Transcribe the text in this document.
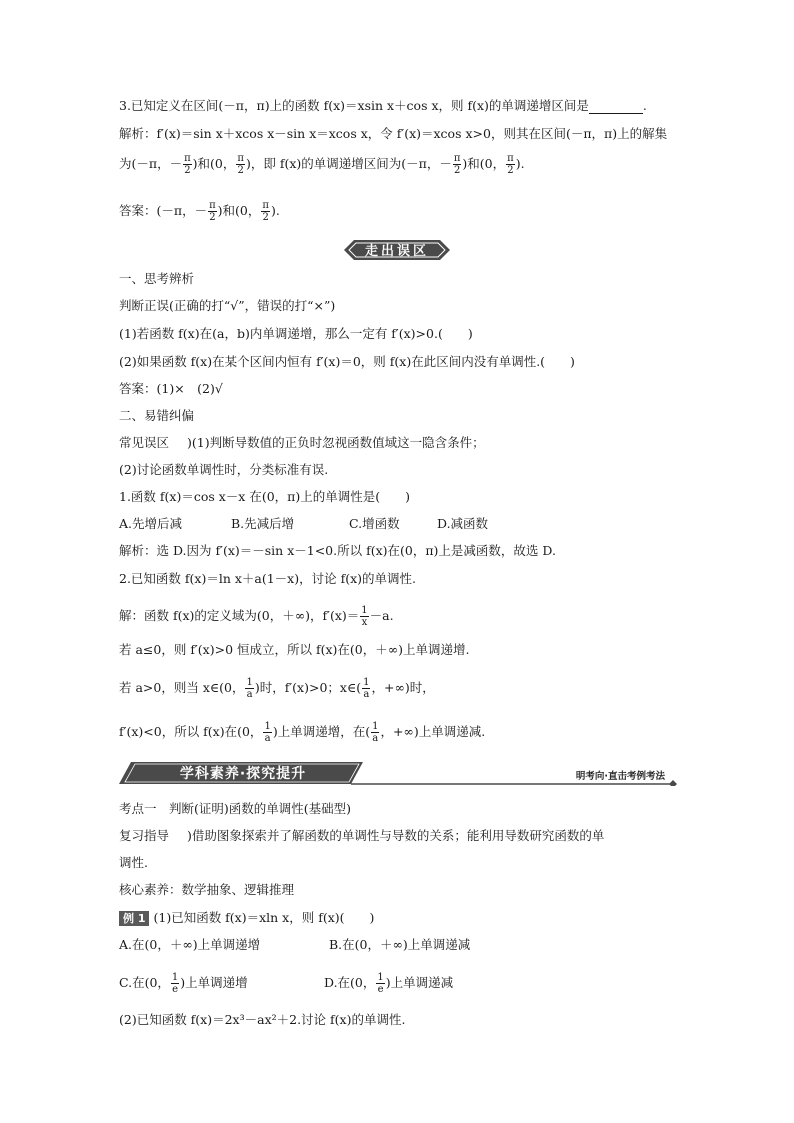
3.已知定义在区间(－π，π)上的函数 f(x)＝xsin x＋cos x，则 f(x)的单调递增区间是	.
解析：f′(x)＝sin x＋xcos x－sin x＝xcos x，令 f′(x)＝xcos x>0，则其在区间(－π，π)上的解集
为(－π，－ $\frac{\pi}{2}$ )和(0， $\frac{\pi}{2}$ )，即 f(x)的单调递增区间为(－π，－ $\frac{\pi}{2}$ )和(0， $\frac{\pi}{2}$ ).
答案：(－π，－ $\frac{\pi}{2}$ )和(0， $\frac{\pi}{2}$ ).
走出误区
一、思考辨析
判断正误(正确的打“√”，错误的打“×”)
(1)若函数 f(x)在(a，b)内单调递增，那么一定有 f′(x)>0.(　　)
(2)如果函数 f(x)在某个区间内恒有 f′(x)＝0，则 f(x)在此区间内没有单调性.(　　)
答案：(1)×　(2)√
二、易错纠偏
常见误区 )(1)判断导数值的正负时忽视函数值域这一隐含条件；
(2)讨论函数单调性时，分类标准有误.
1.函数 f(x)＝cos x－x 在(0，π)上的单调性是(　　)
A.先增后减	B.先减后增	C.增函数	D.减函数
解析：选 D.因为 f′(x)＝－sin x－1<0.所以 f(x)在(0，π)上是减函数，故选 D.
2.已知函数 f(x)＝ln x＋a(1－x)，讨论 f(x)的单调性.
解：函数 f(x)的定义域为(0，＋∞)，$f'(x)= \frac{1}{x} -a$.
若 a≤0，则 f′(x)>0 恒成立，所以 f(x)在(0，＋∞)上单调递增.
若 a>0，则当 x∈(0， $\frac{1}{a}$ )时，f′(x)>0；x∈( $\frac{1}{a}$ ，+∞)时，
f′(x)<0，所以 f(x)在(0， $\frac{1}{a}$ )上单调递增，在( $\frac{1}{a}$ ，+∞)上单调递减.
学科素养·探究提升	明考向·直击考例考法
考点一　判断(证明)函数的单调性(基础型)
复习指导 )借助图象探索并了解函数的单调性与导数的关系；能利用导数研究函数的单
调性.
核心素养：数学抽象、逻辑推理
例 1 (1)已知函数 f(x)＝xln x，则 f(x)(　　)
A.在(0，＋∞)上单调递增	B.在(0，＋∞)上单调递减
C.在(0， $\frac{1}{e}$ )上单调递增	D.在(0， $\frac{1}{e}$ )上单调递减
(2)已知函数 f(x)＝2x³－ax²＋2.讨论 f(x)的单调性.
